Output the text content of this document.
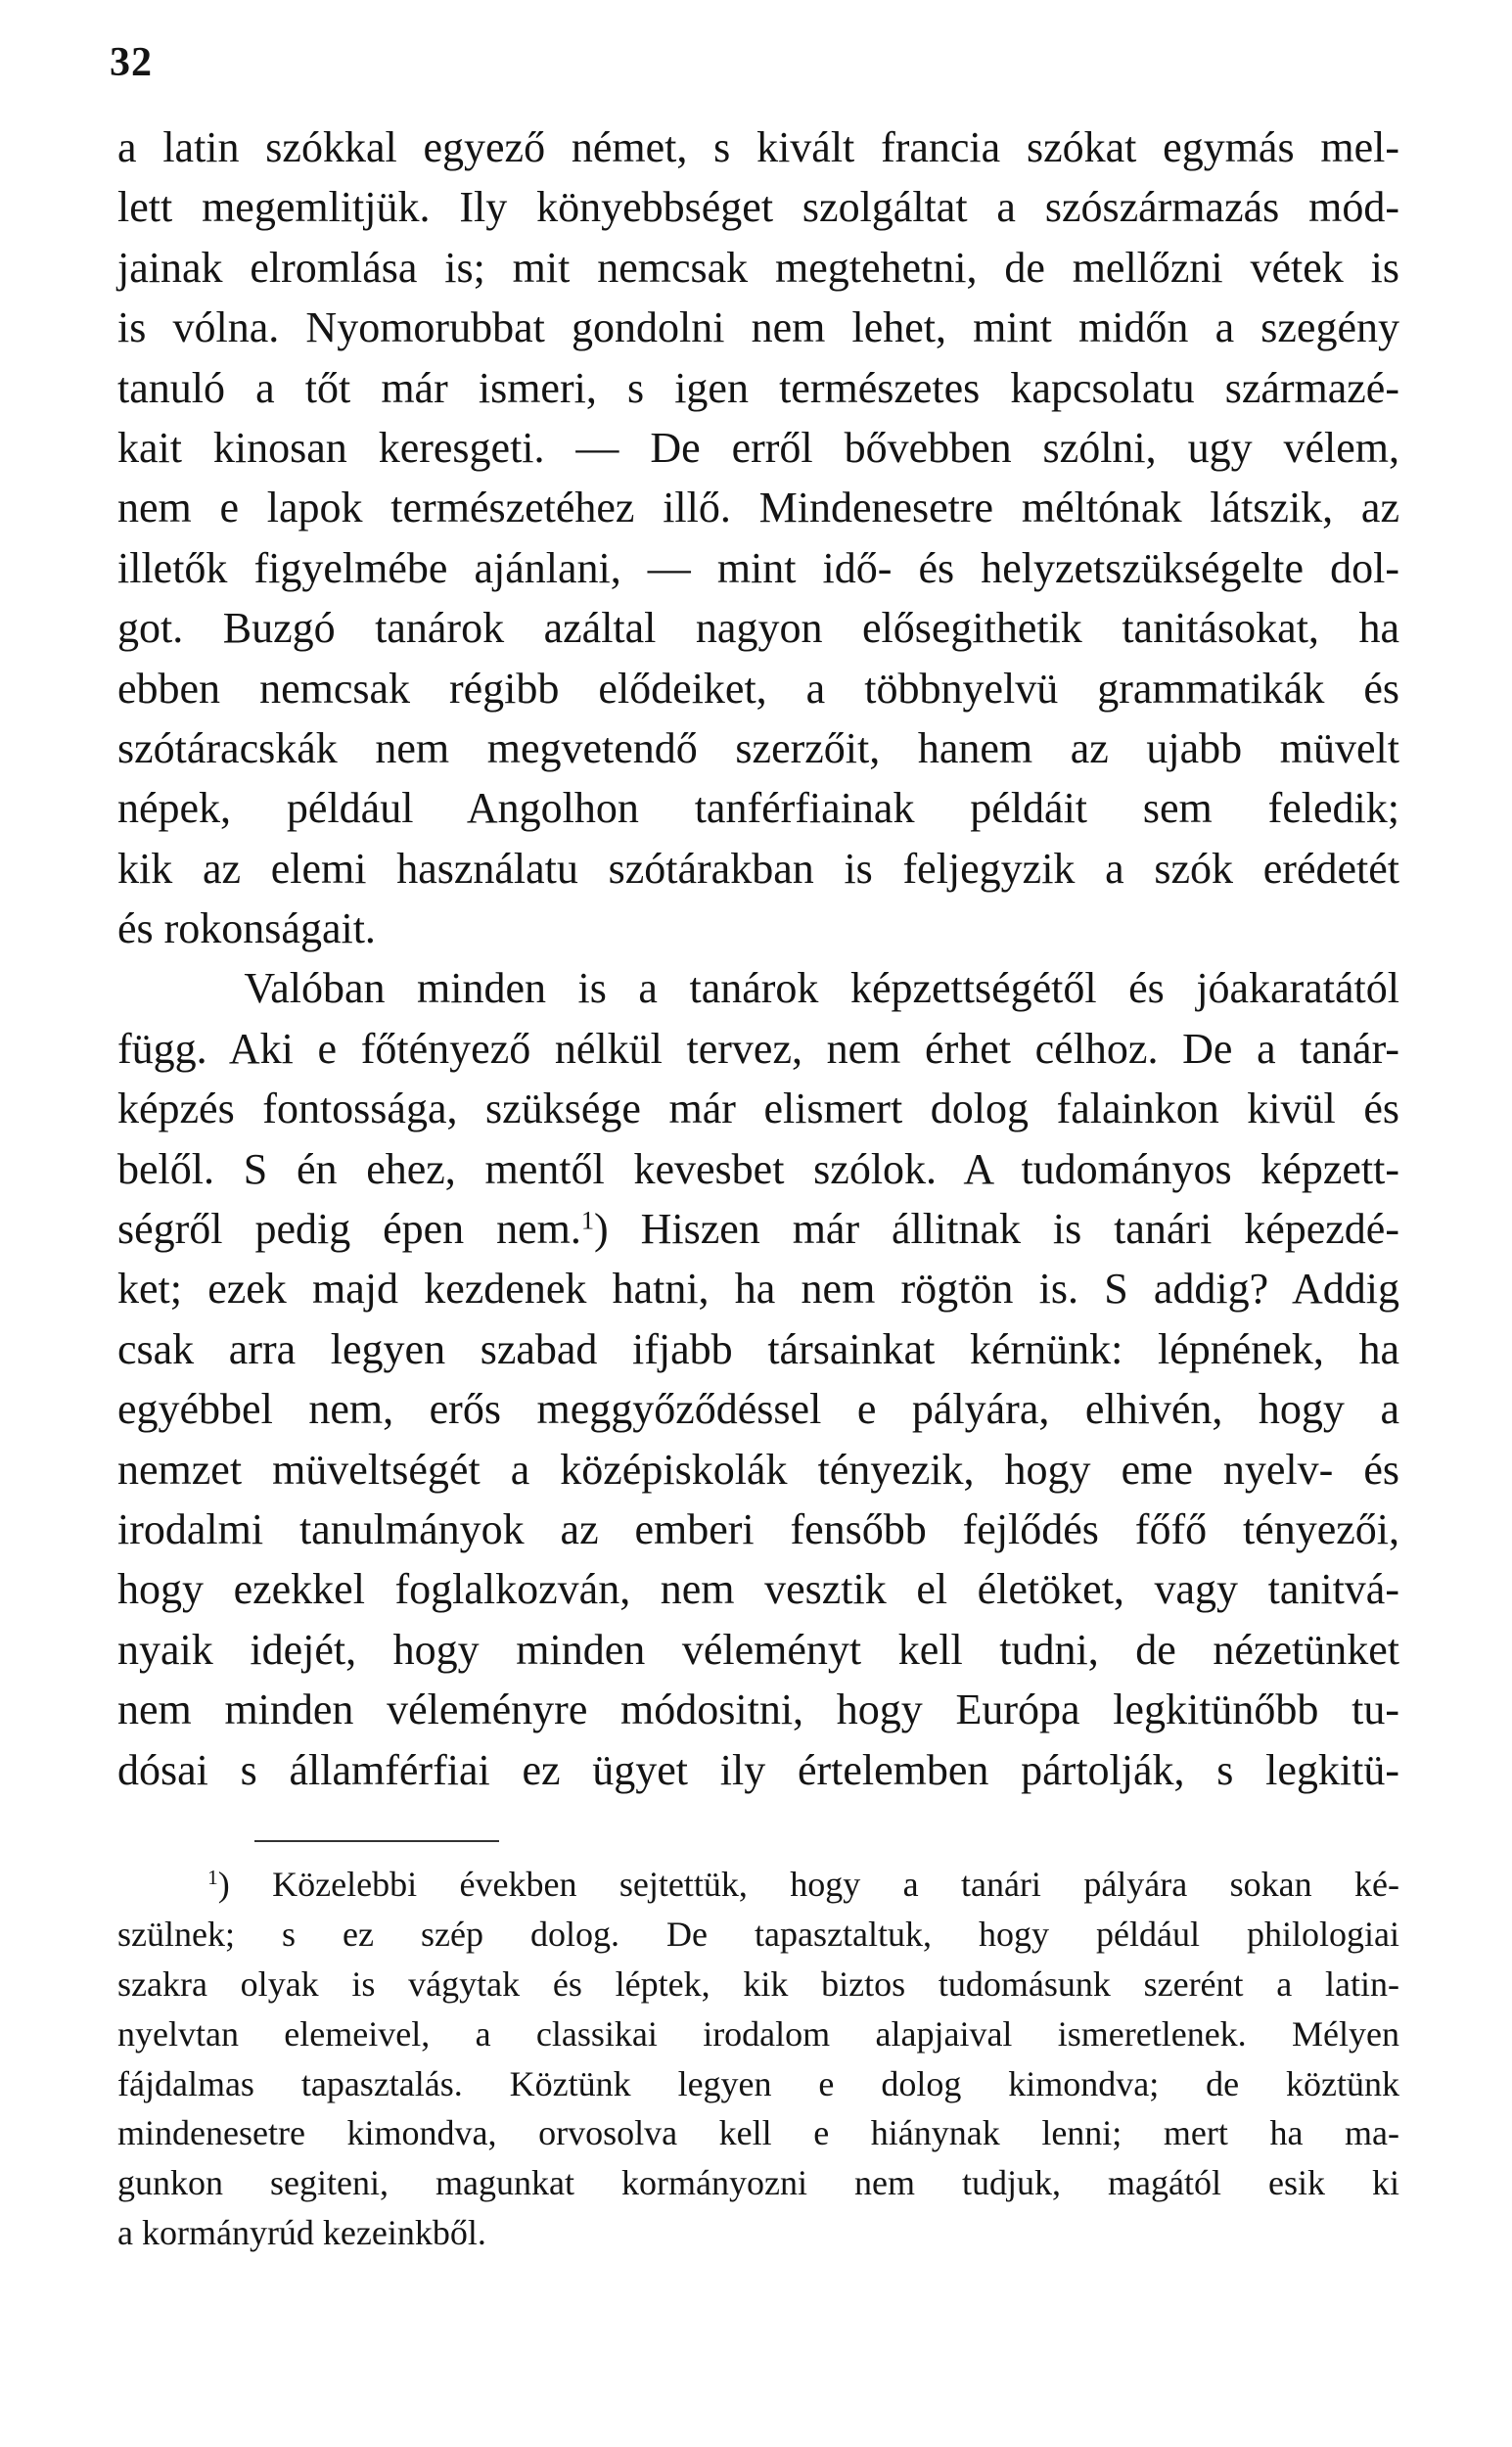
32
a latin szókkal egyező német, s kivált francia szókat egymás mel-
lett megemlitjük. Ily könyebbséget szolgáltat a szószármazás mód-
jainak elromlása is; mit nemcsak megtehetni, de mellőzni vétek is
is vólna. Nyomorubbat gondolni nem lehet, mint midőn a szegény
tanuló a tőt már ismeri, s igen természetes kapcsolatu származé-
kait kinosan keresgeti. — De erről bővebben szólni, ugy vélem,
nem e lapok természetéhez illő. Mindenesetre méltónak látszik, az
illetők figyelmébe ajánlani, — mint idő- és helyzetszükségelte dol-
got. Buzgó tanárok azáltal nagyon elősegithetik tanitásokat, ha
ebben nemcsak régibb elődeiket, a többnyelvü grammatikák és
szótáracskák nem megvetendő szerzőit, hanem az ujabb müvelt
népek, például Angolhon tanférfiainak példáit sem feledik;
kik az elemi használatu szótárakban is feljegyzik a szók erédetét
és rokonságait.
Valóban minden is a tanárok képzettségétől és jóakaratától
függ. Aki e főtényező nélkül tervez, nem érhet célhoz. De a tanár-
képzés fontossága, szüksége már elismert dolog falainkon kivül és
belől. S én ehez, mentől kevesbet szólok. A tudományos képzett-
ségről pedig épen nem.$^1$) Hiszen már állitnak is tanári képezdé-
ket; ezek majd kezdenek hatni, ha nem rögtön is. S addig? Addig
csak arra legyen szabad ifjabb társainkat kérnünk: lépnének, ha
egyébbel nem, erős meggyőződéssel e pályára, elhivén, hogy a
nemzet müveltségét a középiskolák tényezik, hogy eme nyelv- és
irodalmi tanulmányok az emberi fensőbb fejlődés főfő tényezői,
hogy ezekkel foglalkozván, nem vesztik el életöket, vagy tanitvá-
nyaik idejét, hogy minden véleményt kell tudni, de nézetünket
nem minden véleményre módositni, hogy Európa legkitünőbb tu-
dósai s államférfiai ez ügyet ily értelemben pártolják, s legkitü-
$^1$) Közelebbi években sejtettük, hogy a tanári pályára sokan ké-
szülnek; s ez szép dolog. De tapasztaltuk, hogy például philologiai
szakra olyak is vágytak és léptek, kik biztos tudomásunk szerént a latin-
nyelvtan elemeivel, a classikai irodalom alapjaival ismeretlenek. Mélyen
fájdalmas tapasztalás. Köztünk legyen e dolog kimondva; de köztünk
mindenesetre kimondva, orvosolva kell e hiánynak lenni; mert ha ma-
gunkon segiteni, magunkat kormányozni nem tudjuk, magától esik ki
a kormányrúd kezeinkből.
